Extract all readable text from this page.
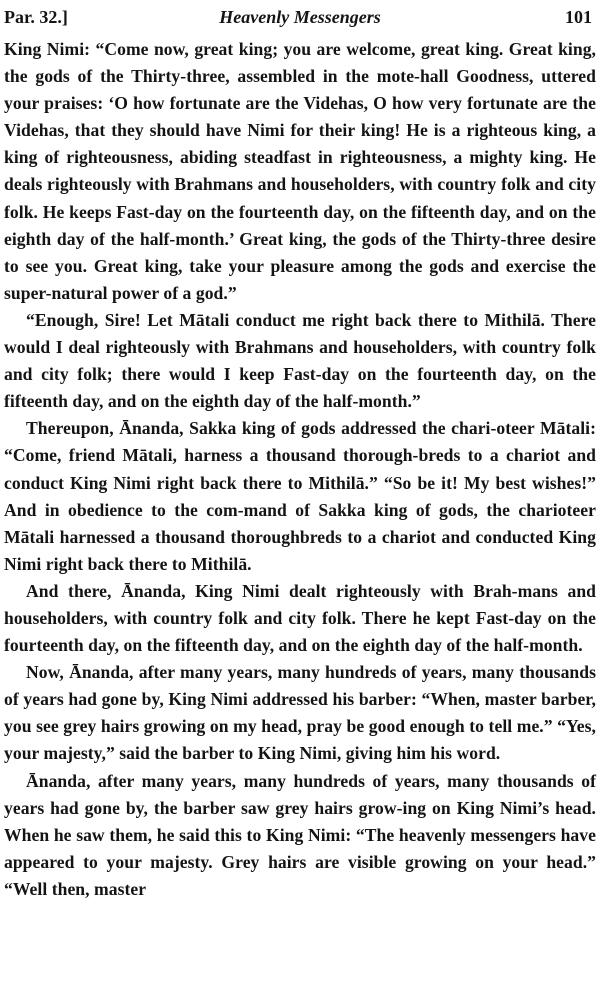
Par. 32.]	Heavenly Messengers	101

King Nimi: “Come now, great king; you are welcome, great king. Great king, the gods of the Thirty-three, assembled in the mote-hall Goodness, uttered your praises: ‘O how fortunate are the Videhas, O how very fortunate are the Videhas, that they should have Nimi for their king! He is a righteous king, a king of righteousness, abiding steadfast in righteousness, a mighty king. He deals righteously with Brahmans and householders, with country folk and city folk. He keeps Fast-day on the fourteenth day, on the fifteenth day, and on the eighth day of the half-month.’ Great king, the gods of the Thirty-three desire to see you. Great king, take your pleasure among the gods and exercise the super-natural power of a god.”

“Enough, Sire! Let Mātali conduct me right back there to Mithilā. There would I deal righteously with Brahmans and householders, with country folk and city folk; there would I keep Fast-day on the fourteenth day, on the fifteenth day, and on the eighth day of the half-month.”

Thereupon, Ānanda, Sakka king of gods addressed the chari-oteer Mātali: “Come, friend Mātali, harness a thousand thorough-breds to a chariot and conduct King Nimi right back there to Mithilā.” “So be it! My best wishes!” And in obedience to the com-mand of Sakka king of gods, the charioteer Mātali harnessed a thousand thoroughbreds to a chariot and conducted King Nimi right back there to Mithilā.

And there, Ānanda, King Nimi dealt righteously with Brah-mans and householders, with country folk and city folk. There he kept Fast-day on the fourteenth day, on the fifteenth day, and on the eighth day of the half-month.

Now, Ānanda, after many years, many hundreds of years, many thousands of years had gone by, King Nimi addressed his barber: “When, master barber, you see grey hairs growing on my head, pray be good enough to tell me.” “Yes, your majesty,” said the barber to King Nimi, giving him his word.

Ānanda, after many years, many hundreds of years, many thousands of years had gone by, the barber saw grey hairs grow-ing on King Nimi’s head. When he saw them, he said this to King Nimi: “The heavenly messengers have appeared to your majesty. Grey hairs are visible growing on your head.” “Well then, master
